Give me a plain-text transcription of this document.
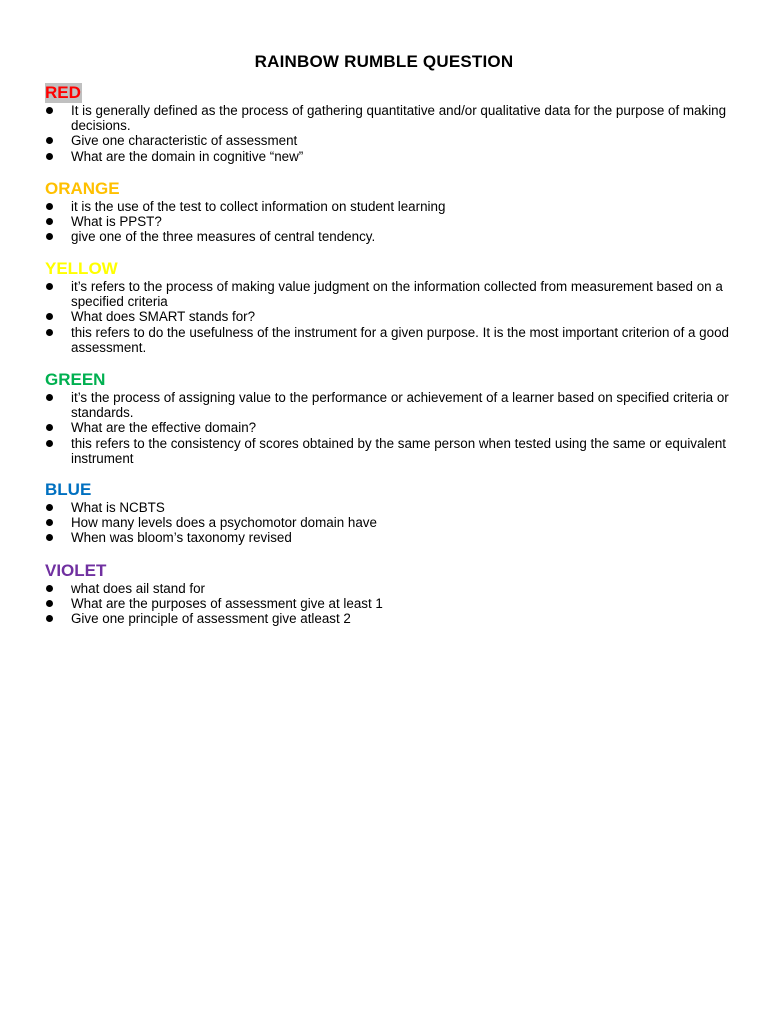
RAINBOW RUMBLE QUESTION
RED
It is generally defined as the process of gathering quantitative and/or qualitative data for the purpose of making decisions.
Give one characteristic of assessment
What are the domain in cognitive “new”
ORANGE
it is the use of the test to collect information on student learning
What is PPST?
give one of the three measures of central tendency.
YELLOW
it’s refers to the process of making value judgment on the information collected from measurement based on a specified criteria
What does SMART stands for?
this refers to do the usefulness of the instrument for a given purpose. It is the most important criterion of a good assessment.
GREEN
it’s the process of assigning value to the performance or achievement of a learner based on specified criteria or standards.
What are the effective domain?
this refers to the consistency of scores obtained by the same person when tested using the same or equivalent instrument
BLUE
What is NCBTS
How many levels does a psychomotor domain have
When was bloom’s taxonomy revised
VIOLET
what does ail stand for
What are the purposes of assessment give at least 1
Give one principle of assessment give atleast 2
